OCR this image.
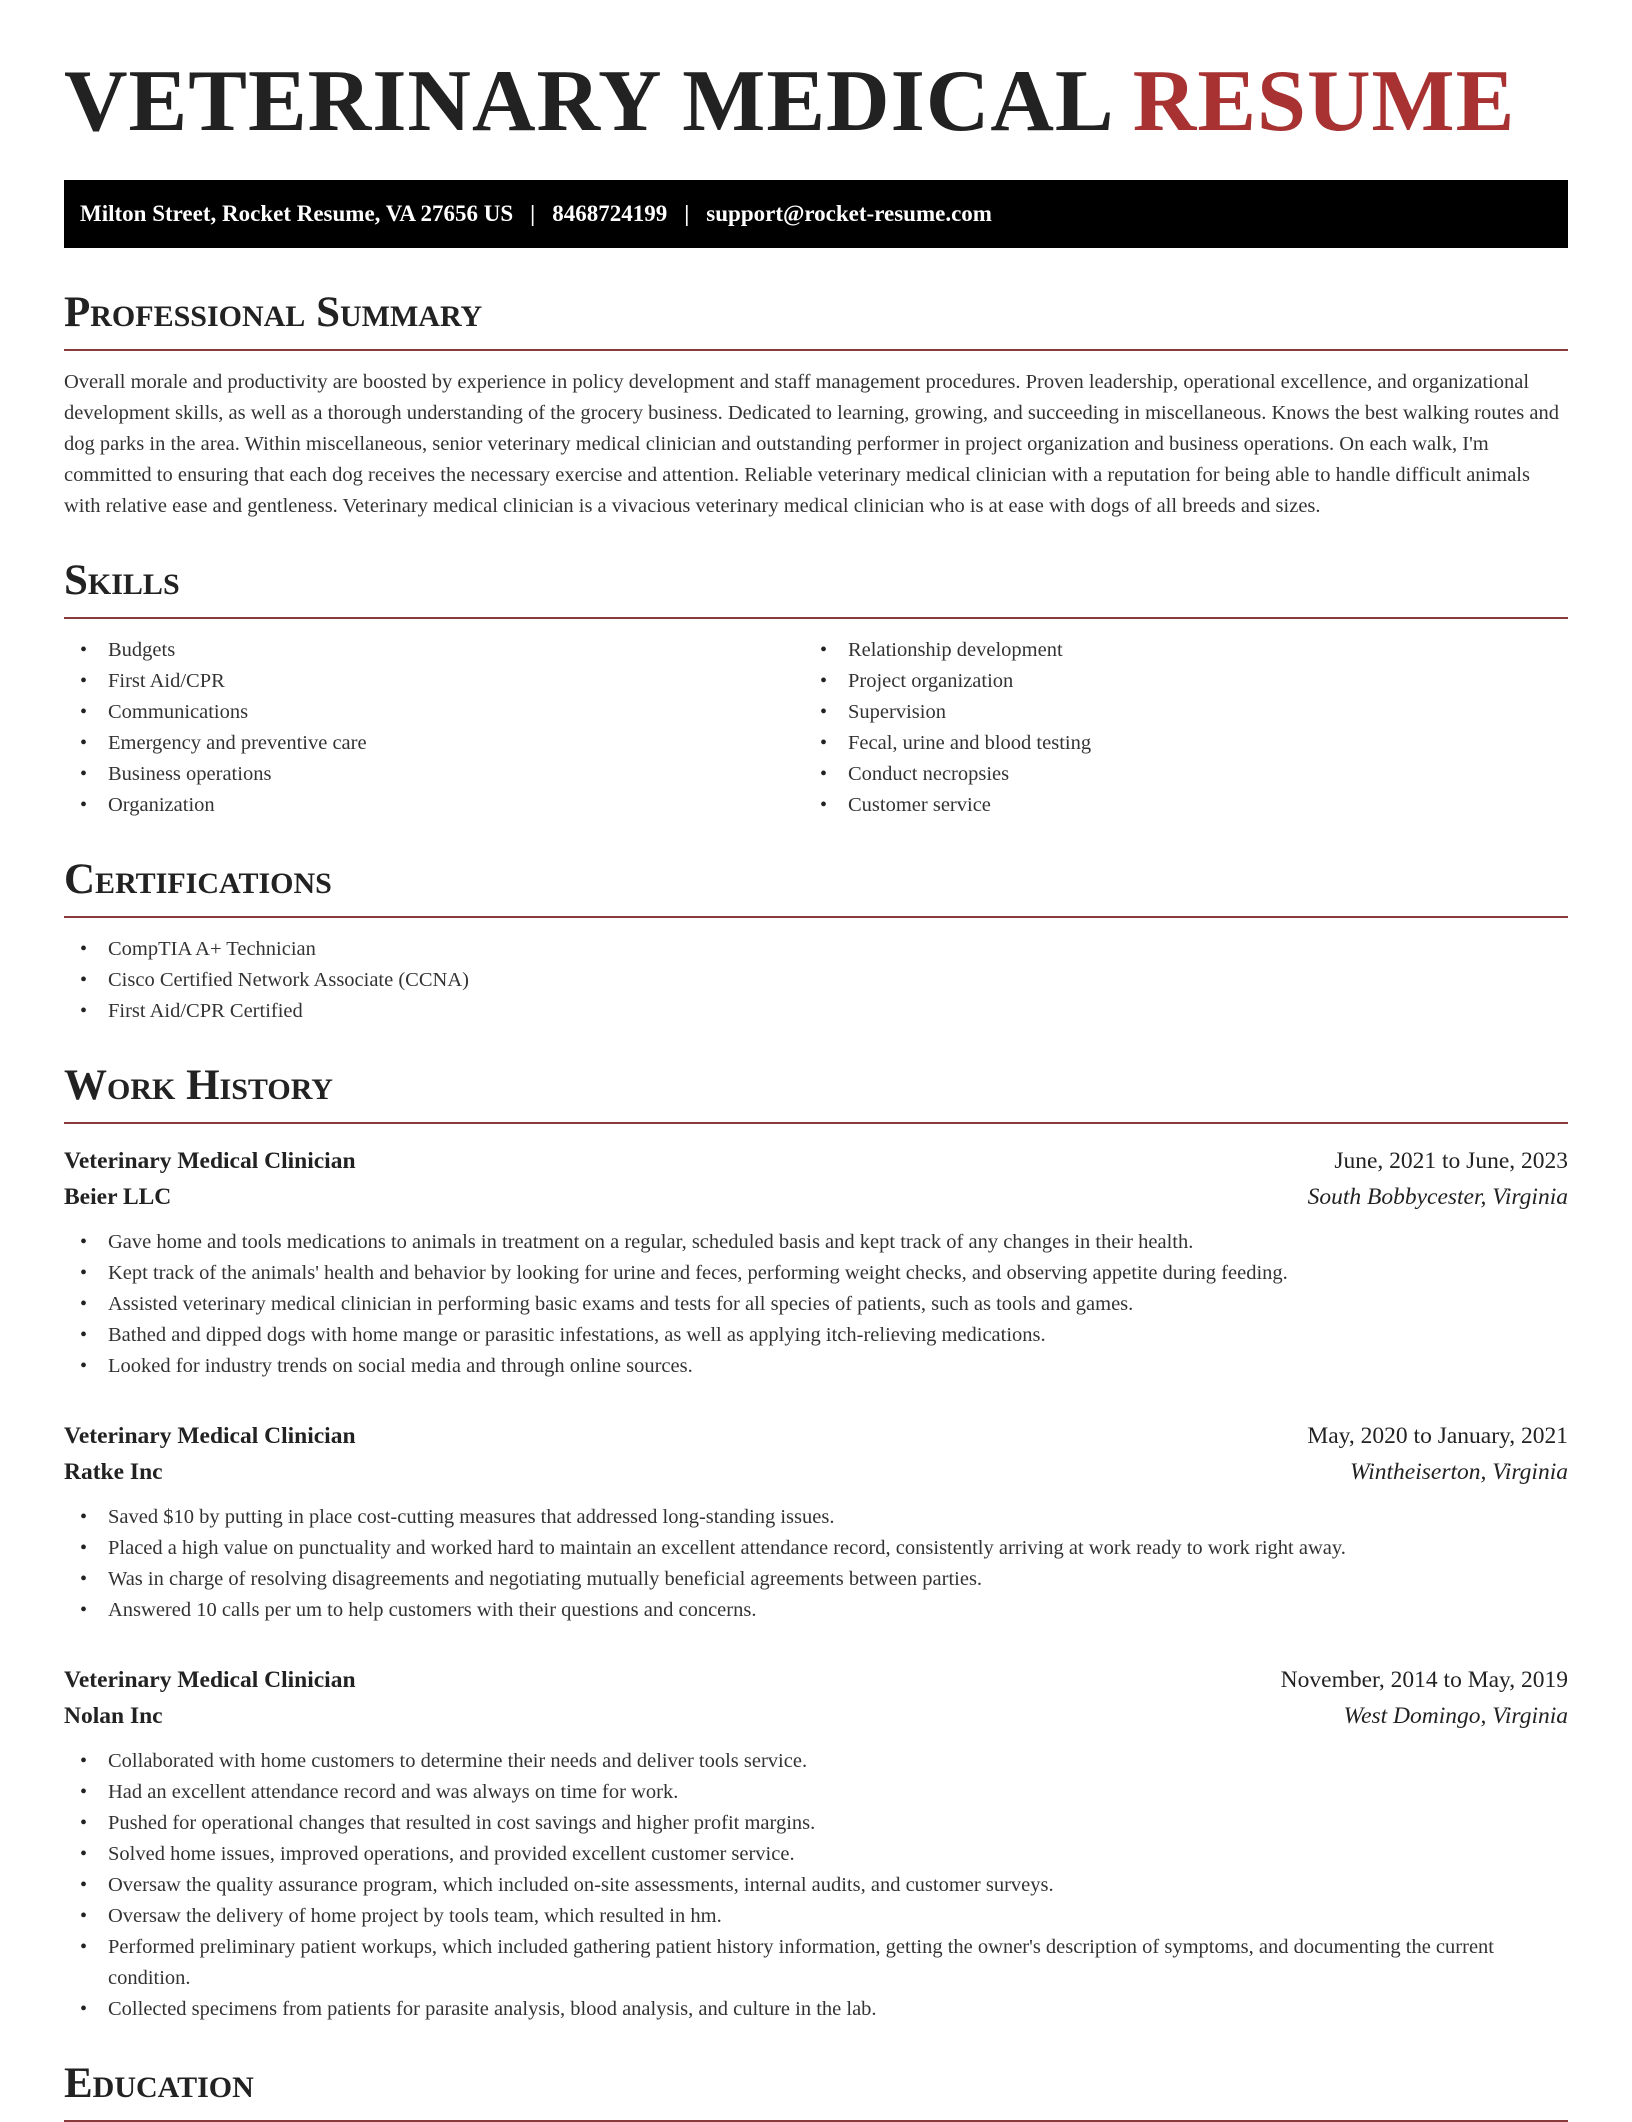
VETERINARY MEDICAL RESUME
Milton Street, Rocket Resume, VA 27656 US | 8468724199 | support@rocket-resume.com
Professional Summary

Overall morale and productivity are boosted by experience in policy development and staff management procedures. Proven leadership, operational excellence, and organizational development skills, as well as a thorough understanding of the grocery business. Dedicated to learning, growing, and succeeding in miscellaneous. Knows the best walking routes and dog parks in the area. Within miscellaneous, senior veterinary medical clinician and outstanding performer in project organization and business operations. On each walk, I'm committed to ensuring that each dog receives the necessary exercise and attention. Reliable veterinary medical clinician with a reputation for being able to handle difficult animals with relative ease and gentleness. Veterinary medical clinician is a vivacious veterinary medical clinician who is at ease with dogs of all breeds and sizes.

Skills
• Budgets
• First Aid/CPR
• Communications
• Emergency and preventive care
• Business operations
• Organization
• Relationship development
• Project organization
• Supervision
• Fecal, urine and blood testing
• Conduct necropsies
• Customer service
Certifications
• CompTIA A+ Technician
• Cisco Certified Network Associate (CCNA)
• First Aid/CPR Certified
Work History
Veterinary Medical Clinician	June, 2021 to June, 2023
Beier LLC	South Bobbycester, Virginia
• Gave home and tools medications to animals in treatment on a regular, scheduled basis and kept track of any changes in their health.
• Kept track of the animals' health and behavior by looking for urine and feces, performing weight checks, and observing appetite during feeding.
• Assisted veterinary medical clinician in performing basic exams and tests for all species of patients, such as tools and games.
• Bathed and dipped dogs with home mange or parasitic infestations, as well as applying itch-relieving medications.
• Looked for industry trends on social media and through online sources.
Veterinary Medical Clinician	May, 2020 to January, 2021
Ratke Inc	Wintheiserton, Virginia
• Saved $10 by putting in place cost-cutting measures that addressed long-standing issues.
• Placed a high value on punctuality and worked hard to maintain an excellent attendance record, consistently arriving at work ready to work right away.
• Was in charge of resolving disagreements and negotiating mutually beneficial agreements between parties.
• Answered 10 calls per um to help customers with their questions and concerns.
Veterinary Medical Clinician	November, 2014 to May, 2019
Nolan Inc	West Domingo, Virginia
• Collaborated with home customers to determine their needs and deliver tools service.
• Had an excellent attendance record and was always on time for work.
• Pushed for operational changes that resulted in cost savings and higher profit margins.
• Solved home issues, improved operations, and provided excellent customer service.
• Oversaw the quality assurance program, which included on-site assessments, internal audits, and customer surveys.
• Oversaw the delivery of home project by tools team, which resulted in hm.
• Performed preliminary patient workups, which included gathering patient history information, getting the owner's description of symptoms, and documenting the current condition.
• Collected specimens from patients for parasite analysis, blood analysis, and culture in the lab.
Education
